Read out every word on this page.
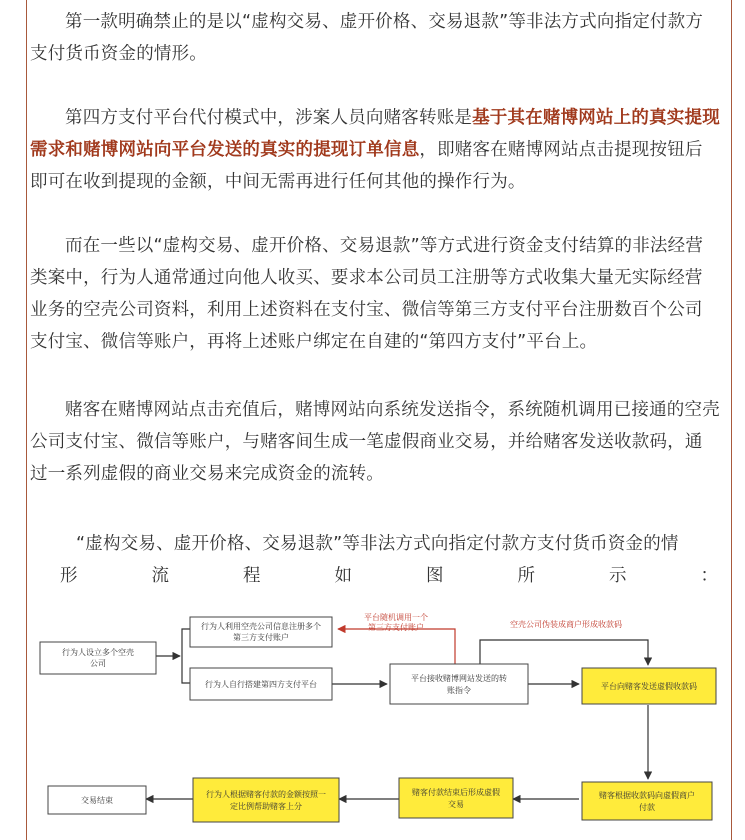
第一款明确禁止的是以“虚构交易、虚开价格、交易退款”等非法方式向指定付款方支付货币资金的情形。

第四方支付平台代付模式中，涉案人员向赌客转账是基于其在赌博网站上的真实提现需求和赌博网站向平台发送的真实的提现订单信息，即赌客在赌博网站点击提现按钮后即可在收到提现的金额，中间无需再进行任何其他的操作行为。

而在一些以“虚构交易、虚开价格、交易退款”等方式进行资金支付结算的非法经营类案中，行为人通常通过向他人收买、要求本公司员工注册等方式收集大量无实际经营业务的空壳公司资料，利用上述资料在支付宝、微信等第三方支付平台注册数百个公司支付宝、微信等账户，再将上述账户绑定在自建的“第四方支付”平台上。

赌客在赌博网站点击充值后，赌博网站向系统发送指令，系统随机调用已接通的空壳公司支付宝、微信等账户，与赌客间生成一笔虚假商业交易，并给赌客发送收款码，通过一系列虚假的商业交易来完成资金的流转。

“虚构交易、虚开价格、交易退款”等非法方式向指定付款方支付货币资金的情

形	流	程	如	图	所	示	：
平台随机调用一个
第三方支付账户	空壳公司伪装成商户形成收款码
行为人设立多个空壳
公司
行为人利用空壳公司信息注册多个
第三方支付账户
行为人自行搭建第四方支付平台
平台接收赌博网站发送的转
账指令	平台向赌客发送虚假收款码
赌客根据收款码向虚假商户
付款
赌客付款结束后形成虚假
交易
行为人根据赌客付款的金额按照一
定比例帮助赌客上分
交易结束
